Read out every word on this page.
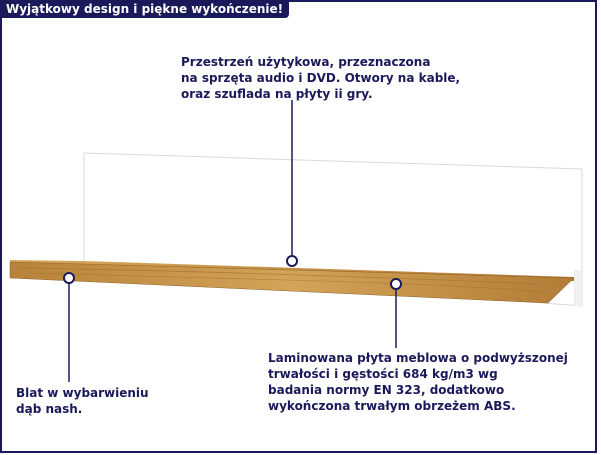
Wyjątkowy design i piękne wykończenie!
Przestrzeń użytykowa, przeznaczona
na sprzęta audio i DVD. Otwory na kable,
oraz szuflada na płyty ii gry.
Blat w wybarwieniu
dąb nash.
Laminowana płyta meblowa o podwyższonej
trwałości i gęstości 684 kg/m3 wg
badania normy EN 323, dodatkowo
wykończona trwałym obrzeżem ABS.
